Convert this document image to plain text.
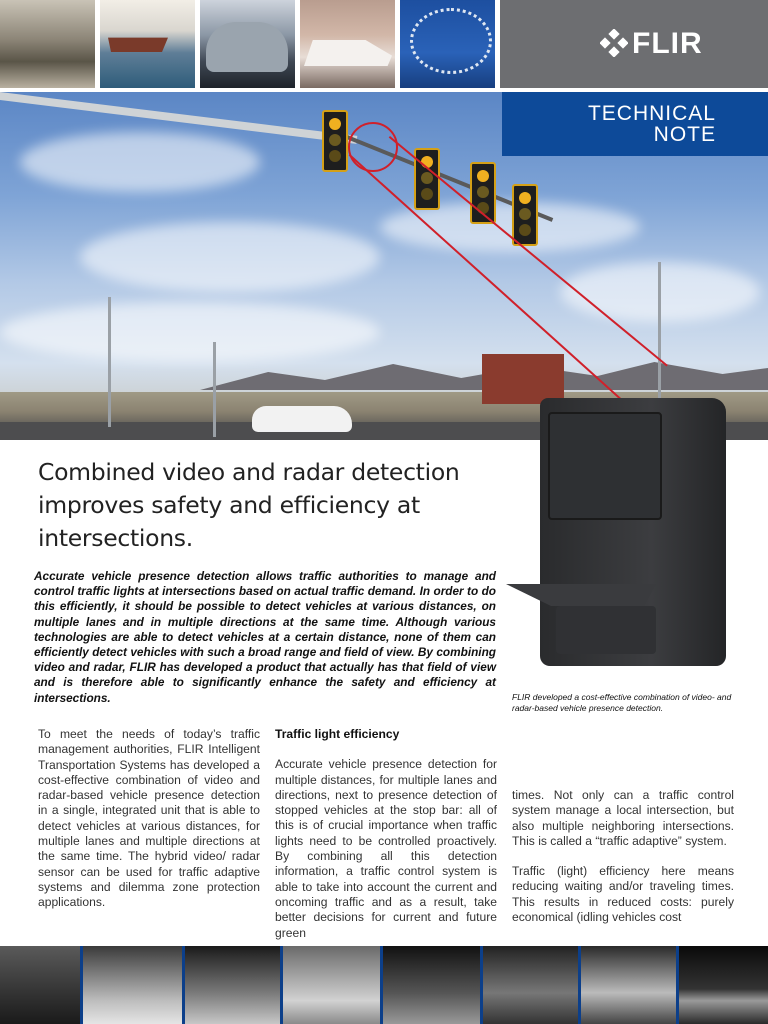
FLIR
TECHNICAL
NOTE
Combined video and radar detection improves safety and efficiency at intersections.

Accurate vehicle presence detection allows traffic authorities to manage and control traffic lights at intersections based on actual traffic demand. In order to do this efficiently, it should be possible to detect vehicles at various distances, on multiple lanes and in multiple directions at the same time. Although various technologies are able to detect vehicles at a certain distance, none of them can efficiently detect vehicles with such a broad range and field of view. By combining video and radar, FLIR has developed a product that actually has that field of view and is therefore able to significantly enhance the safety and efficiency at intersections.	FLIR developed a cost-effective combination of video- and radar-based vehicle presence detection.

To meet the needs of today’s traffic management authorities, FLIR Intelligent Transportation Systems has developed a cost-effective combination of video and radar-based vehicle presence detection in a single, integrated unit that is able to detect vehicles at various distances, for multiple lanes and multiple directions at the same time. The hybrid video/ radar sensor can be used for traffic adaptive systems and dilemma zone protection applications.

Traffic light efficiency

Accurate vehicle presence detection for multiple distances, for multiple lanes and directions, next to presence detection of stopped vehicles at the stop bar: all of this is of crucial importance when traffic lights need to be controlled proactively. By combining all this detection information, a traffic control system is able to take into account the current and oncoming traffic and as a result, take better decisions for current and future green

times. Not only can a traffic control system manage a local intersection, but also multiple neighboring intersections. This is called a “traffic adaptive” system.

Traffic (light) efficiency here means reducing waiting and/or traveling times. This results in reduced costs: purely economical (idling vehicles cost
